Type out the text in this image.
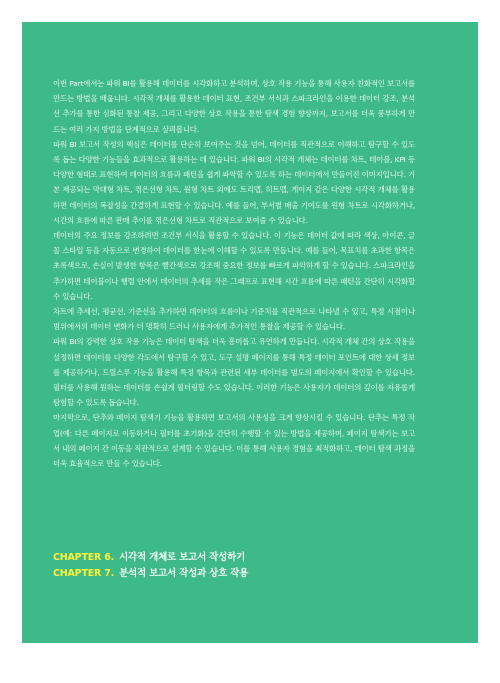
이번 Part에서는 파워 BI를 활용해 데이터를 시각화하고 분석하며, 상호 작용 기능을 통해 사용자 친화적인 보고서를 만드는 방법을 배웁니다. 시각적 개체를 활용한 데이터 표현, 조건부 서식과 스파크라인을 이용한 데이터 강조, 분석 선 추가를 통한 심화된 통찰 제공, 그리고 다양한 상호 작용을 통한 탐색 경험 향상까지, 보고서를 더욱 풍부하게 만드는 여러 가지 방법을 단계적으로 살펴봅니다.

파워 BI 보고서 작성의 핵심은 데이터를 단순히 보여주는 것을 넘어, 데이터를 직관적으로 이해하고 탐구할 수 있도록 돕는 다양한 기능들을 효과적으로 활용하는 데 있습니다. 파워 BI의 시각적 개체는 데이터를 차트, 테이블, KPI 등 다양한 형태로 표현하여 데이터의 흐름과 패턴을 쉽게 파악할 수 있도록 하는 데이터에서 만들어진 이미지입니다. 기본 제공되는 막대형 차트, 꺾은선형 차트, 원형 차트 외에도 트리맵, 히트맵, 게이지 같은 다양한 시각적 개체를 활용하면 데이터의 복잡성을 간결하게 표현할 수 있습니다. 예를 들어, 부서별 매출 기여도를 원형 차트로 시각화하거나, 시간의 흐름에 따른 판매 추이를 꺾은선형 차트로 직관적으로 보여줄 수 있습니다.

데이터의 주요 정보를 강조하려면 조건부 서식을 활용할 수 있습니다. 이 기능은 데이터 값에 따라 색상, 아이콘, 글꼴 스타일 등을 자동으로 변경하여 데이터를 한눈에 이해할 수 있도록 만듭니다. 예를 들어, 목표치를 초과한 항목은 초록색으로, 손실이 발생한 항목은 빨간색으로 강조해 중요한 정보를 빠르게 파악하게 할 수 있습니다. 스파크라인을 추가하면 테이블이나 행렬 안에서 데이터의 추세를 작은 그래프로 표현해 시간 흐름에 따른 패턴을 간단히 시각화할 수 있습니다.

차트에 추세선, 평균선, 기준선을 추가하면 데이터의 흐름이나 기준치를 직관적으로 나타낼 수 있고, 특정 시점이나 범위에서의 데이터 변화가 더 명확히 드러나 사용자에게 추가적인 통찰을 제공할 수 있습니다.

파워 BI의 강력한 상호 작용 기능은 데이터 탐색을 더욱 흥미롭고 유연하게 만듭니다. 시각적 개체 간의 상호 작용을 설정하면 데이터를 다양한 각도에서 탐구할 수 있고, 도구 설명 페이지를 통해 특정 데이터 포인트에 대한 상세 정보를 제공하거나, 드릴스루 기능을 활용해 특정 항목과 관련된 세부 데이터를 별도의 페이지에서 확인할 수 있습니다. 필터를 사용해 원하는 데이터를 손쉽게 필터링할 수도 있습니다. 이러한 기능은 사용자가 데이터의 깊이를 자유롭게 탐험할 수 있도록 돕습니다.

마지막으로, 단추와 페이지 탐색기 기능을 활용하면 보고서의 사용성을 크게 향상시킬 수 있습니다. 단추는 특정 작업(예: 다른 페이지로 이동하거나 필터를 초기화)을 간단히 수행할 수 있는 방법을 제공하며, 페이지 탐색기는 보고서 내의 페이지 간 이동을 직관적으로 설계할 수 있습니다. 이를 통해 사용자 경험을 최적화하고, 데이터 탐색 과정을 더욱 효율적으로 만들 수 있습니다.

CHAPTER 6. 시각적 개체로 보고서 작성하기
CHAPTER 7. 분석적 보고서 작성과 상호 작용
